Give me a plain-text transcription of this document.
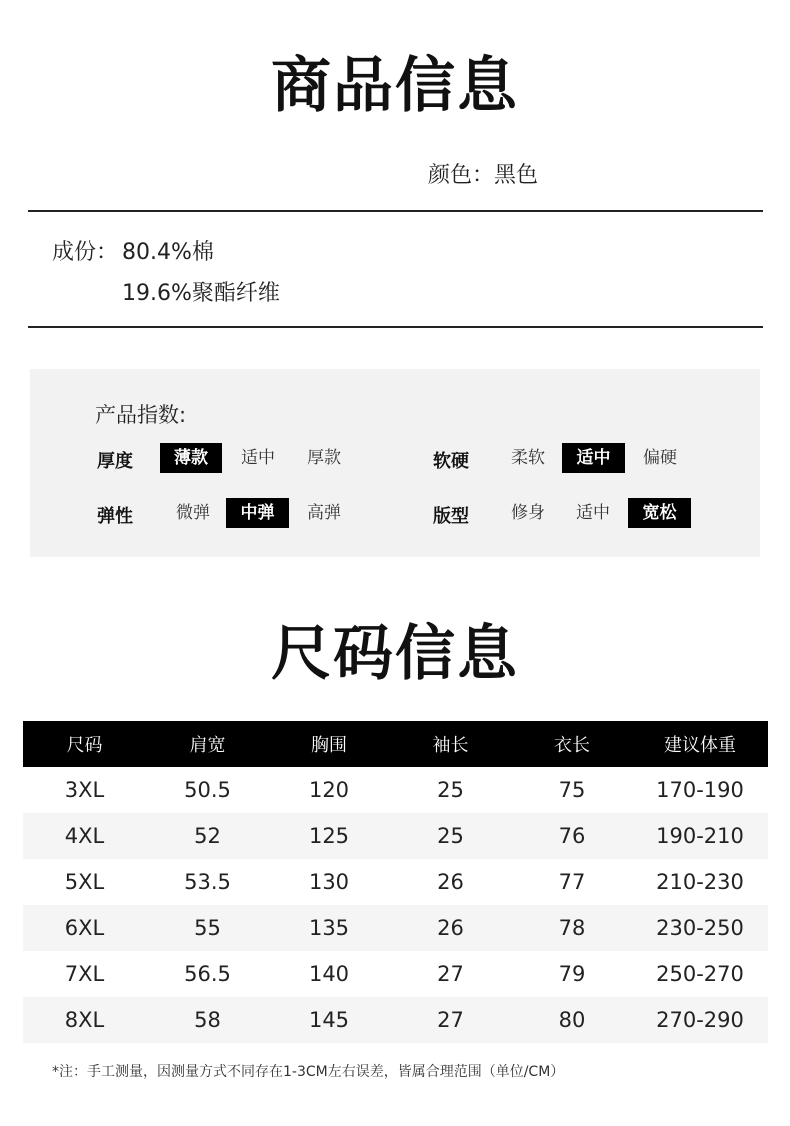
商品信息
颜色：黑色
成份： 80.4%棉
19.6%聚酯纤维
产品指数:
厚度	薄款	适中	厚款	软硬	柔软	适中	偏硬
弹性	微弹	中弹	高弹	版型	修身	适中	宽松
尺码信息
尺码	肩宽	胸围	袖长	衣长	建议体重
3XL	50.5	120	25	75	170-190
4XL	52	125	25	76	190-210
5XL	53.5	130	26	77	210-230
6XL	55	135	26	78	230-250
7XL	56.5	140	27	79	250-270
8XL	58	145	27	80	270-290
*注：手工测量，因测量方式不同存在1-3CM左右误差，皆属合理范围（单位/CM）
